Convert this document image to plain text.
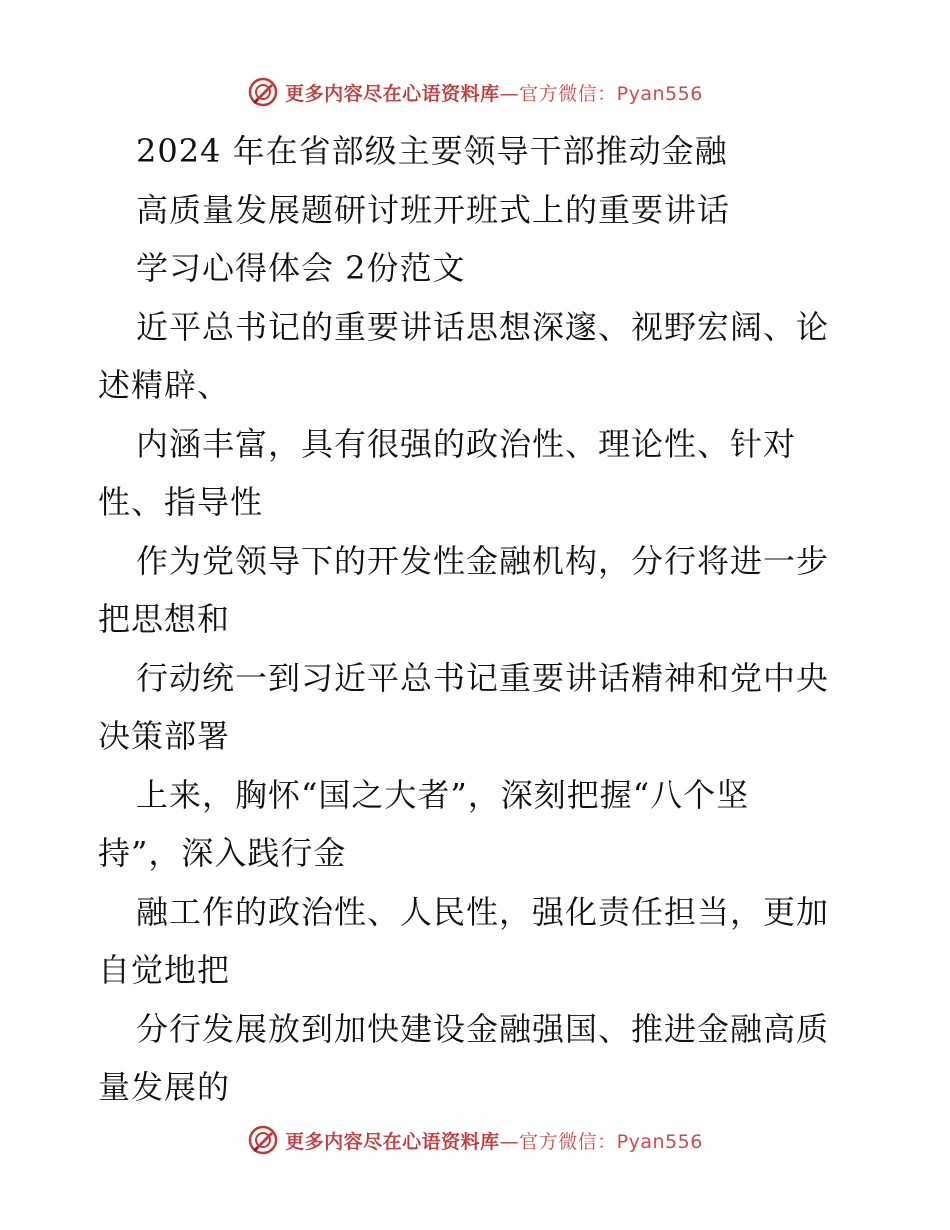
更多内容尽在心语资料库—官方微信：Pyan556
2024 年在省部级主要领导干部推动金融
高质量发展题研讨班开班式上的重要讲话
学习心得体会 2份范文
近平总书记的重要讲话思想深邃、视野宏阔、论
述精辟、
内涵丰富，具有很强的政治性、理论性、针对
性、指导性
作为党领导下的开发性金融机构，分行将进一步
把思想和
行动统一到习近平总书记重要讲话精神和党中央
决策部署
上来，胸怀“国之大者”，深刻把握“八个坚
持”，深入践行金
融工作的政治性、人民性，强化责任担当，更加
自觉地把
分行发展放到加快建设金融强国、推进金融高质
量发展的
更多内容尽在心语资料库—官方微信：Pyan556
